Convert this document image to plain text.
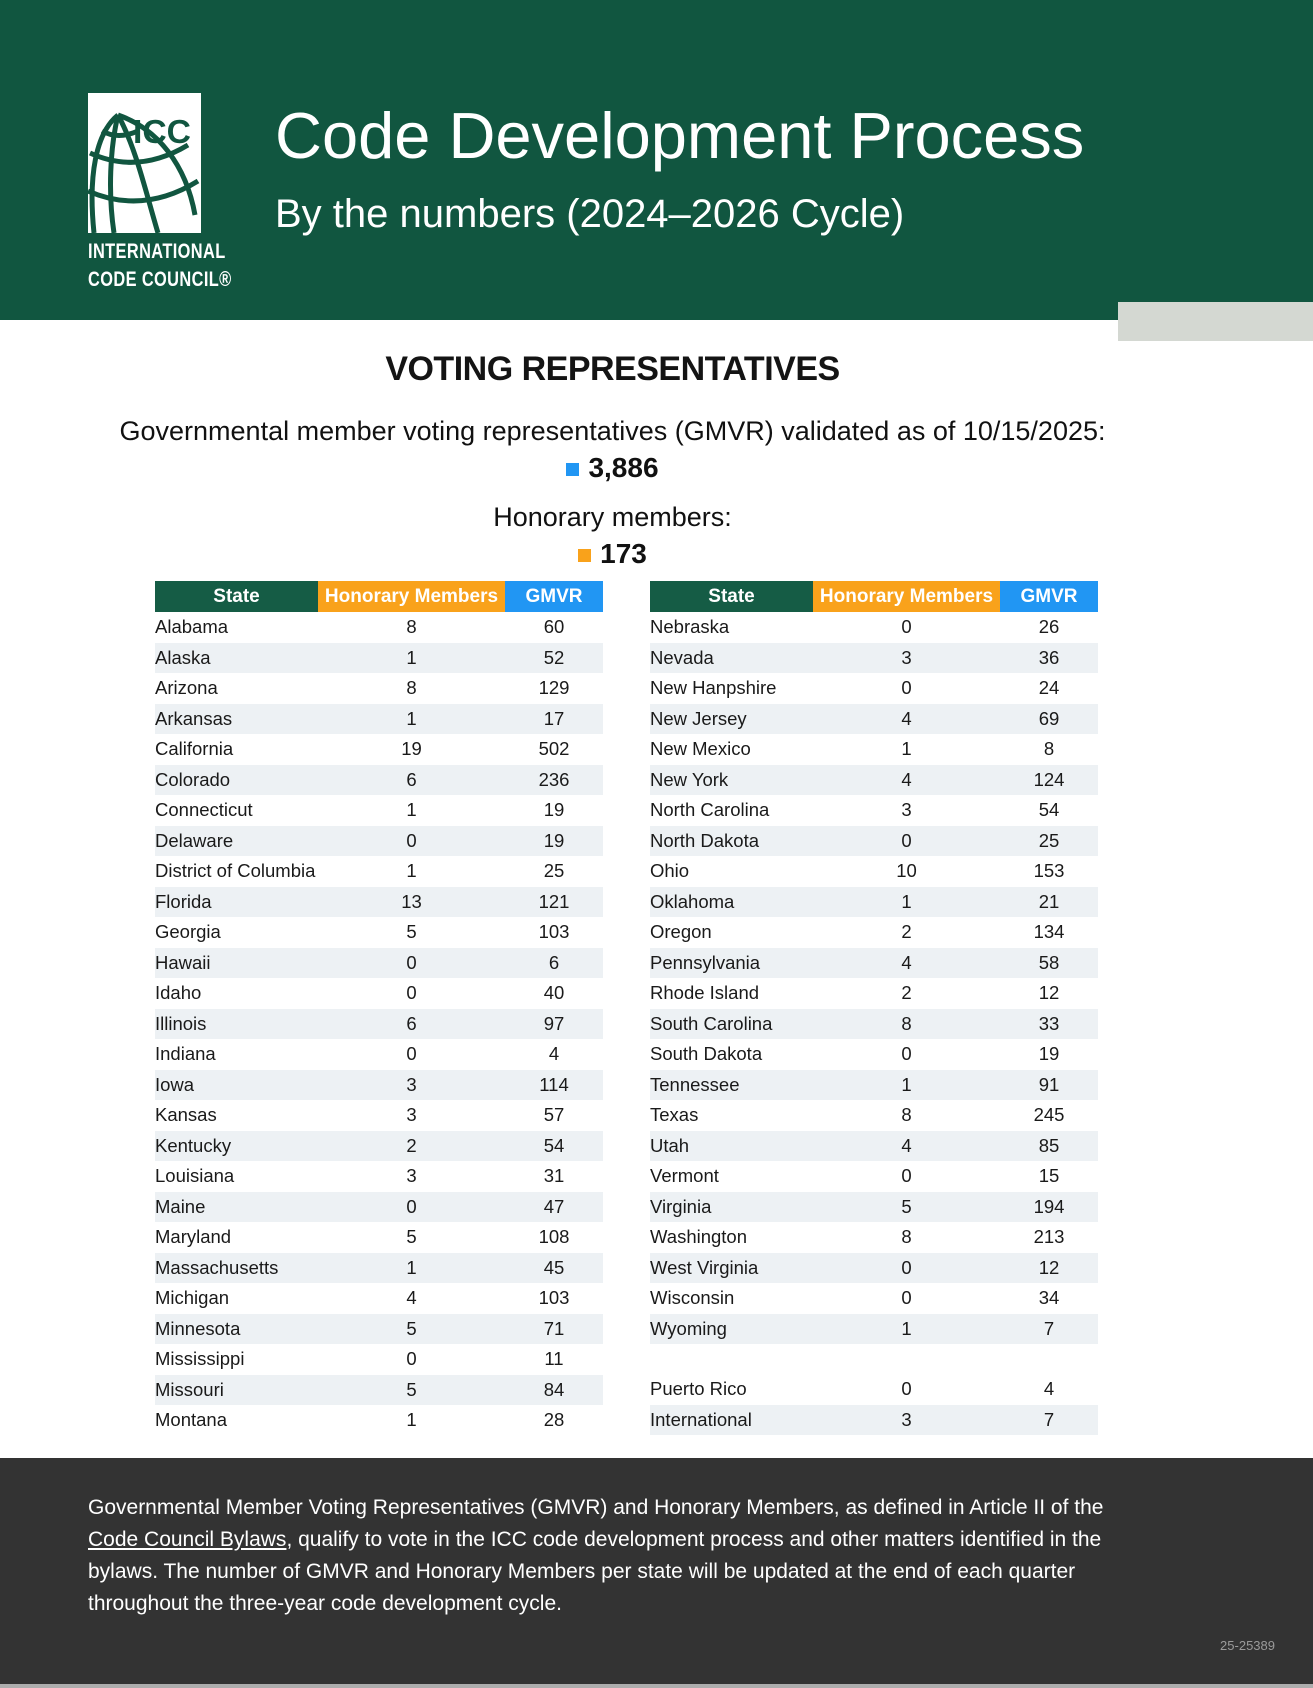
ICC
INTERNATIONAL
CODE COUNCIL®
Code Development Process
By the numbers (2024–2026 Cycle)
VOTING REPRESENTATIVES

Governmental member voting representatives (GMVR) validated as of 10/15/2025:

3,886

Honorary members:

173
State	Honorary Members	GMVR
Alabama	8	60
Alaska	1	52
Arizona	8	129
Arkansas	1	17
California	19	502
Colorado	6	236
Connecticut	1	19
Delaware	0	19
District of Columbia	1	25
Florida	13	121
Georgia	5	103
Hawaii	0	6
Idaho	0	40
Illinois	6	97
Indiana	0	4
Iowa	3	114
Kansas	3	57
Kentucky	2	54
Louisiana	3	31
Maine	0	47
Maryland	5	108
Massachusetts	1	45
Michigan	4	103
Minnesota	5	71
Mississippi	0	11
Missouri	5	84
Montana	1	28
State	Honorary Members	GMVR
Nebraska	0	26
Nevada	3	36
New Hanpshire	0	24
New Jersey	4	69
New Mexico	1	8
New York	4	124
North Carolina	3	54
North Dakota	0	25
Ohio	10	153
Oklahoma	1	21
Oregon	2	134
Pennsylvania	4	58
Rhode Island	2	12
South Carolina	8	33
South Dakota	0	19
Tennessee	1	91
Texas	8	245
Utah	4	85
Vermont	0	15
Virginia	5	194
Washington	8	213
West Virginia	0	12
Wisconsin	0	34
Wyoming	1	7

Puerto Rico	0	4
International	3	7

Governmental Member Voting Representatives (GMVR) and Honorary Members, as defined in Article II of the Code Council Bylaws, qualify to vote in the ICC code development process and other matters identified in the bylaws. The number of GMVR and Honorary Members per state will be updated at the end of each quarter throughout the three-year code development cycle.

25-25389
